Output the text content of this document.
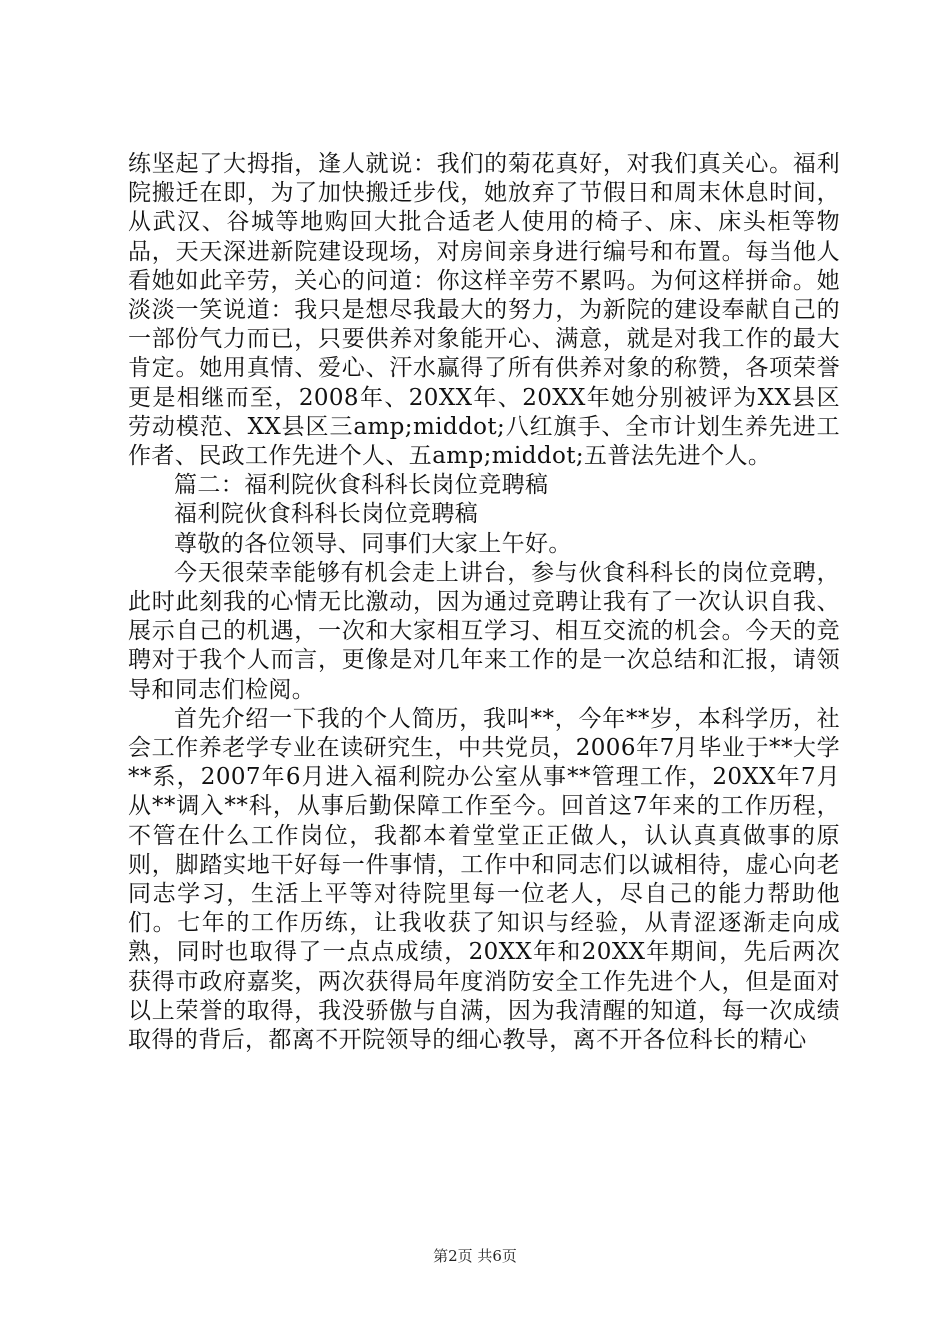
练坚起了大拇指，逢人就说：我们的菊花真好，对我们真关心。福利院搬迁在即，为了加快搬迁步伐，她放弃了节假日和周末休息时间，从武汉、谷城等地购回大批合适老人使用的椅子、床、床头柜等物品，天天深进新院建设现场，对房间亲身进行编号和布置。每当他人看她如此辛劳，关心的问道：你这样辛劳不累吗。为何这样拼命。她淡淡一笑说道：我只是想尽我最大的努力，为新院的建设奉献自己的一部份气力而已，只要供养对象能开心、满意，就是对我工作的最大肯定。她用真情、爱心、汗水赢得了所有供养对象的称赞，各项荣誉更是相继而至，2008年、20XX年、20XX年她分别被评为XX县区劳动模范、XX县区三amp;middot;八红旗手、全市计划生养先进工作者、民政工作先进个人、五amp;middot;五普法先进个人。

篇二：福利院伙食科科长岗位竞聘稿

福利院伙食科科长岗位竞聘稿

尊敬的各位领导、同事们大家上午好。

今天很荣幸能够有机会走上讲台，参与伙食科科长的岗位竞聘，此时此刻我的心情无比激动，因为通过竞聘让我有了一次认识自我、展示自己的机遇，一次和大家相互学习、相互交流的机会。今天的竞聘对于我个人而言，更像是对几年来工作的是一次总结和汇报，请领导和同志们检阅。

首先介绍一下我的个人简历，我叫**，今年**岁，本科学历，社会工作养老学专业在读研究生，中共党员，2006年7月毕业于**大学**系，2007年6月进入福利院办公室从事**管理工作，20XX年7月从**调入**科，从事后勤保障工作至今。回首这7年来的工作历程，不管在什么工作岗位，我都本着堂堂正正做人，认认真真做事的原则，脚踏实地干好每一件事情，工作中和同志们以诚相待，虚心向老同志学习，生活上平等对待院里每一位老人，尽自己的能力帮助他们。七年的工作历练，让我收获了知识与经验，从青涩逐渐走向成熟，同时也取得了一点点成绩，20XX年和20XX年期间，先后两次获得市政府嘉奖，两次获得局年度消防安全工作先进个人，但是面对以上荣誉的取得，我没骄傲与自满，因为我清醒的知道，每一次成绩取得的背后，都离不开院领导的细心教导，离不开各位科长的精心

第2页 共6页
